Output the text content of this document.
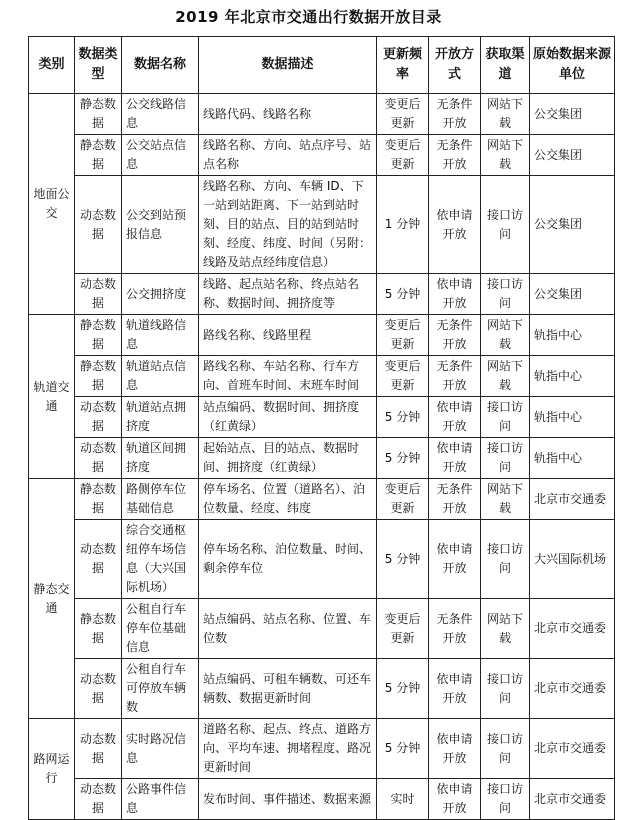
2019 年北京市交通出行数据开放目录
类别	数据类型	数据名称	数据描述	更新频率	开放方式	获取渠道	原始数据来源单位
地面公交	静态数据	公交线路信息	线路代码、线路名称	变更后更新	无条件开放	网站下载	公交集团
	静态数据	公交站点信息	线路名称、方向、站点序号、站点名称	变更后更新	无条件开放	网站下载	公交集团
	动态数据	公交到站预报信息	线路名称、方向、车辆 ID、下一站到站距离、下一站到站时刻、目的站点、目的站到站时刻、经度、纬度、时间（另附：线路及站点经纬度信息）	1 分钟	依申请开放	接口访问	公交集团
	动态数据	公交拥挤度	线路、起点站名称、终点站名称、数据时间、拥挤度等	5 分钟	依申请开放	接口访问	公交集团
轨道交通	静态数据	轨道线路信息	路线名称、线路里程	变更后更新	无条件开放	网站下载	轨指中心
	静态数据	轨道站点信息	路线名称、车站名称、行车方向、首班车时间、末班车时间	变更后更新	无条件开放	网站下载	轨指中心
	动态数据	轨道站点拥挤度	站点编码、数据时间、拥挤度（红黄绿）	5 分钟	依申请开放	接口访问	轨指中心
	动态数据	轨道区间拥挤度	起始站点、目的站点、数据时间、拥挤度（红黄绿）	5 分钟	依申请开放	接口访问	轨指中心
静态交通	静态数据	路侧停车位基础信息	停车场名、位置（道路名）、泊位数量、经度、纬度	变更后更新	无条件开放	网站下载	北京市交通委
	动态数据	综合交通枢纽停车场信息（大兴国际机场）	停车场名称、泊位数量、时间、剩余停车位	5 分钟	依申请开放	接口访问	大兴国际机场
	静态数据	公租自行车停车位基础信息	站点编码、站点名称、位置、车位数	变更后更新	无条件开放	网站下载	北京市交通委
	动态数据	公租自行车可停放车辆数	站点编码、可租车辆数、可还车辆数、数据更新时间	5 分钟	依申请开放	接口访问	北京市交通委
路网运行	动态数据	实时路况信息	道路名称、起点、终点、道路方向、平均车速、拥堵程度、路况更新时间	5 分钟	依申请开放	接口访问	北京市交通委
	动态数据	公路事件信息	发布时间、事件描述、数据来源	实时	依申请开放	接口访问	北京市交通委
